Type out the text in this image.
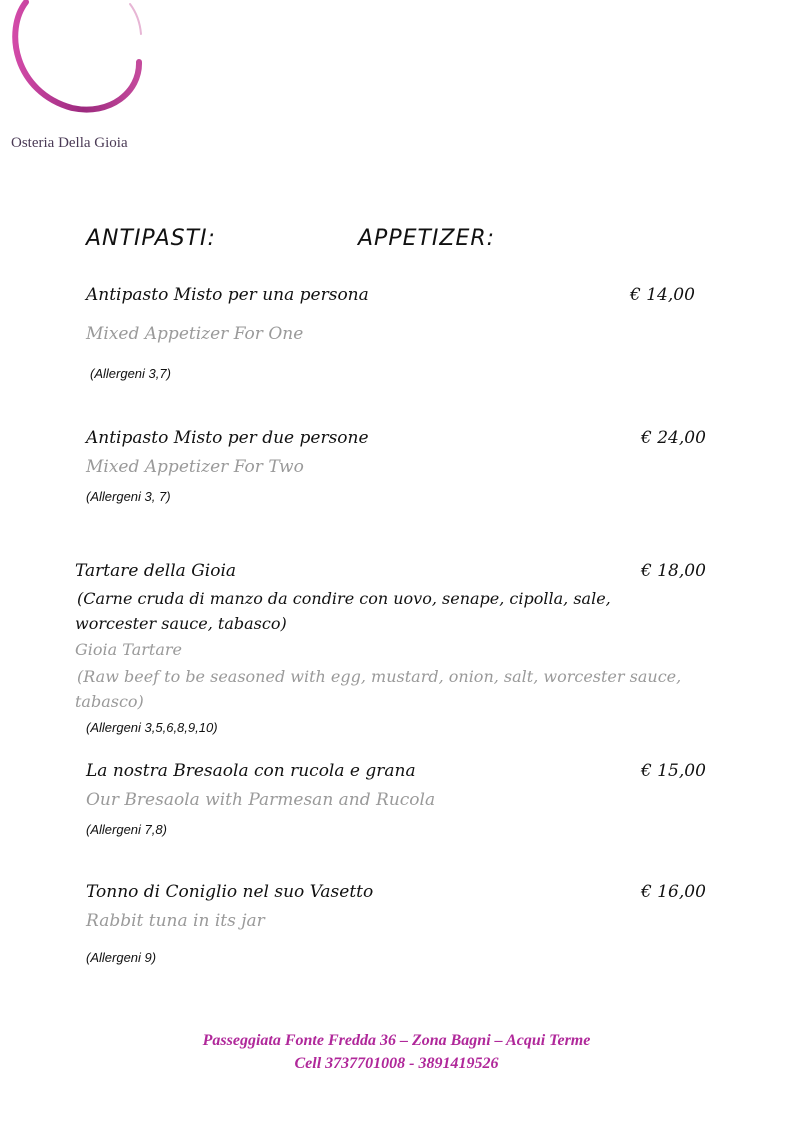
Osteria Della Gioia
ANTIPASTI:	APPETIZER:
Antipasto Misto per una persona	€ 14,00
Mixed Appetizer For One
(Allergeni 3,7)
Antipasto Misto per due persone	€ 24,00
Mixed Appetizer For Two
(Allergeni 3, 7)
Tartare della Gioia	€ 18,00
(Carne cruda di manzo da condire con uovo, senape, cipolla, sale,
worcester sauce, tabasco)
Gioia Tartare
(Raw beef to be seasoned with egg, mustard, onion, salt, worcester sauce,
tabasco)
(Allergeni 3,5,6,8,9,10)
La nostra Bresaola con rucola e grana	€ 15,00
Our Bresaola with Parmesan and Rucola
(Allergeni 7,8)
Tonno di Coniglio nel suo Vasetto	€ 16,00
Rabbit tuna in its jar
(Allergeni 9)
Passeggiata Fonte Fredda 36 – Zona Bagni – Acqui Terme
Cell 3737701008 - 3891419526
